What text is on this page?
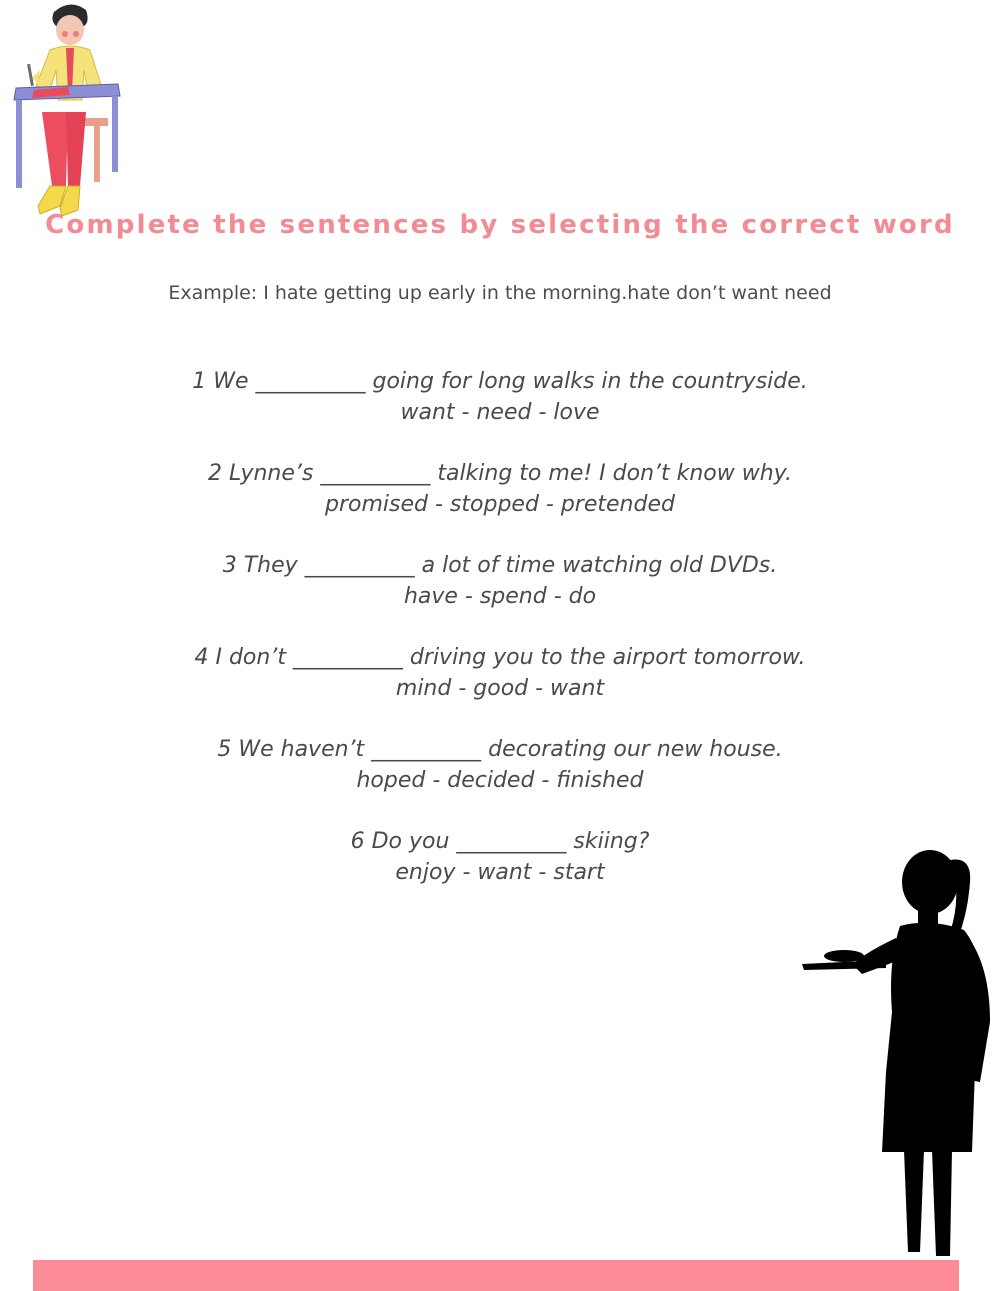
Complete the sentences by selecting the correct word
Example: I hate getting up early in the morning.hate don’t want need
1 We __________ going for long walks in the countryside.
want - need - love
2 Lynne’s __________ talking to me! I don’t know why.
promised - stopped - pretended
3 They __________ a lot of time watching old DVDs.
have - spend - do
4 I don’t __________ driving you to the airport tomorrow.
mind - good - want
5 We haven’t __________ decorating our new house.
hoped - decided - finished
6 Do you __________ skiing?
enjoy - want - start
